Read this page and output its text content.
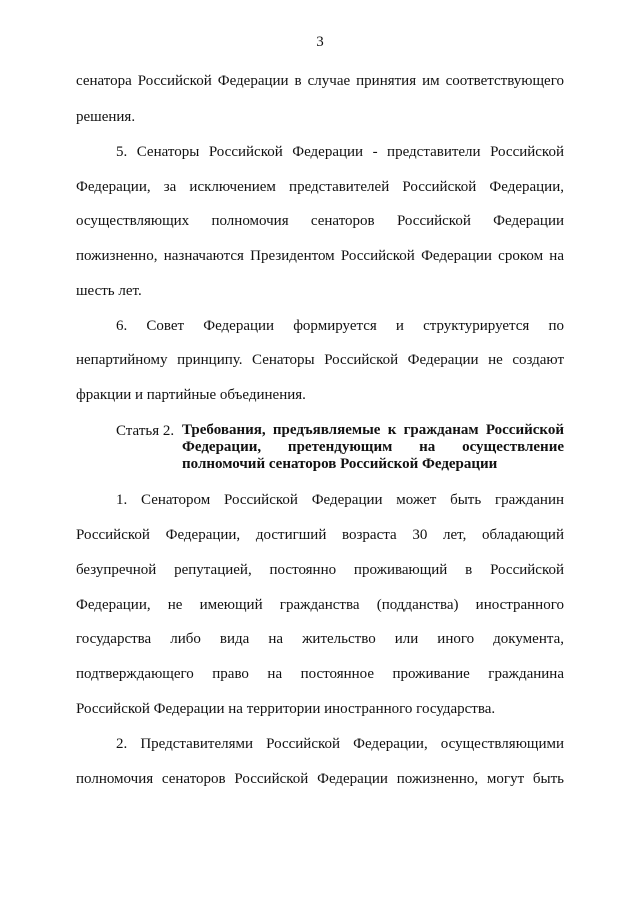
3
сенатора Российской Федерации в случае принятия им соответствующего
решения.
5. Сенаторы Российской Федерации - представители Российской
Федерации, за исключением представителей Российской Федерации,
осуществляющих полномочия сенаторов Российской Федерации
пожизненно, назначаются Президентом Российской Федерации сроком на
шесть лет.
6. Совет Федерации формируется и структурируется по
непартийному принципу. Сенаторы Российской Федерации не создают
фракции и партийные объединения.
Статья 2. Требования, предъявляемые к гражданам Российской
Федерации, претендующим на осуществление
полномочий сенаторов Российской Федерации
1. Сенатором Российской Федерации может быть гражданин
Российской Федерации, достигший возраста 30 лет, обладающий
безупречной репутацией, постоянно проживающий в Российской
Федерации, не имеющий гражданства (подданства) иностранного
государства либо вида на жительство или иного документа,
подтверждающего право на постоянное проживание гражданина
Российской Федерации на территории иностранного государства.
2. Представителями Российской Федерации, осуществляющими
полномочия сенаторов Российской Федерации пожизненно, могут быть
